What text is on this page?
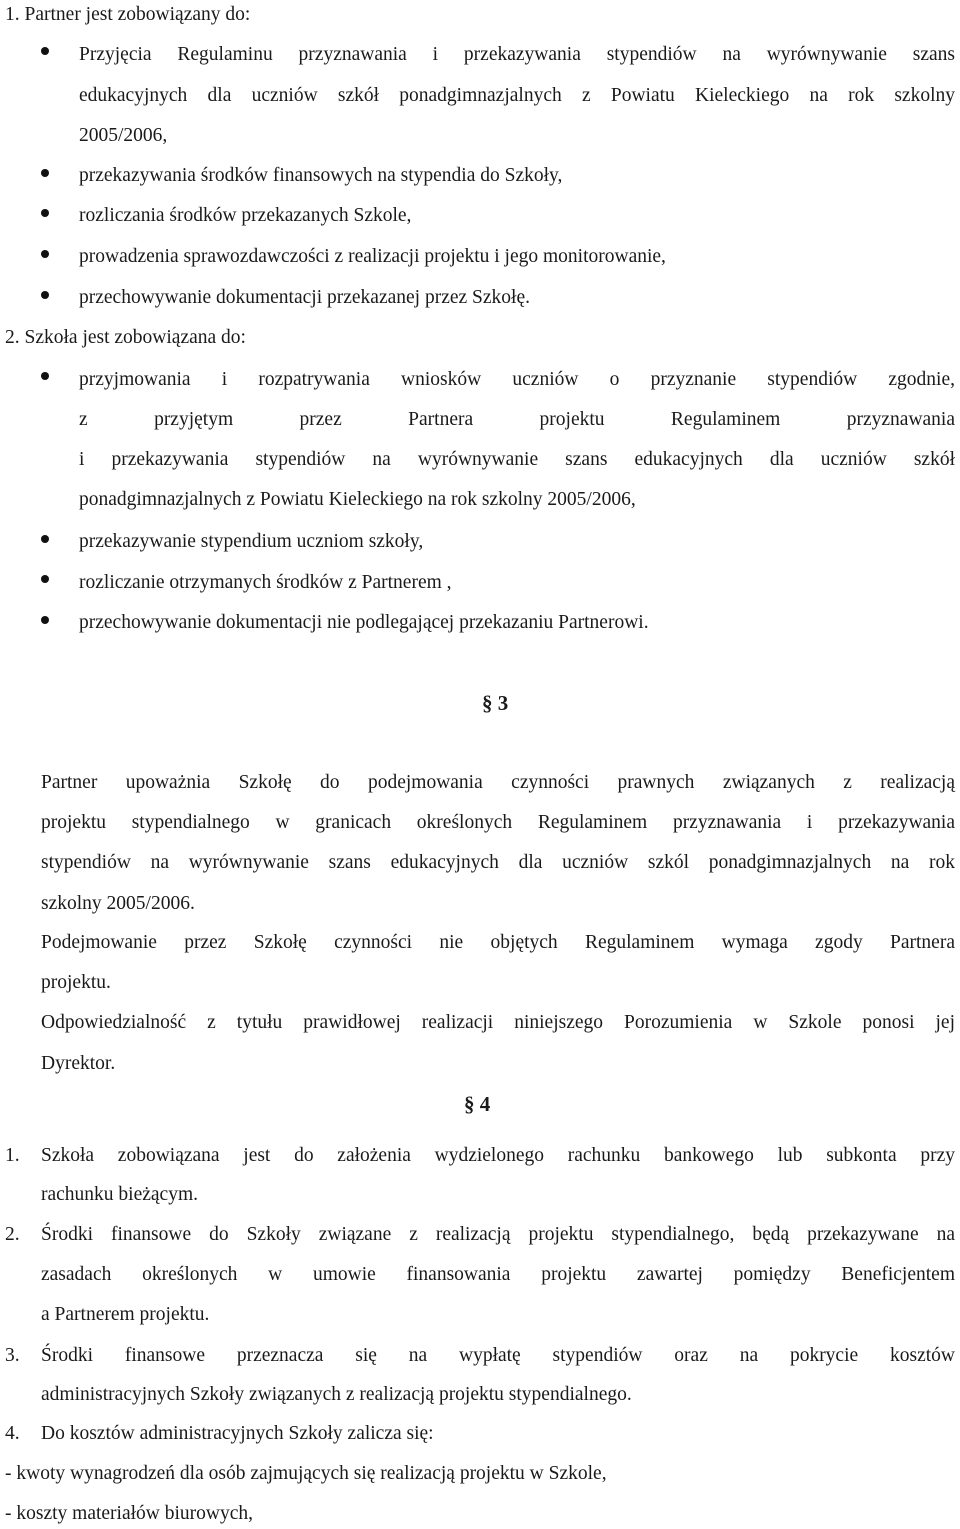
1. Partner jest zobowiązany do:
Przyjęcia Regulaminu przyznawania i przekazywania stypendiów na wyrównywanie szans
edukacyjnych dla uczniów szkół ponadgimnazjalnych z Powiatu Kieleckiego na rok szkolny
2005/2006,
przekazywania środków finansowych na stypendia do Szkoły,
rozliczania środków przekazanych Szkole,
prowadzenia sprawozdawczości z realizacji projektu i jego monitorowanie,
przechowywanie dokumentacji przekazanej przez Szkołę.
2. Szkoła jest zobowiązana do:
przyjmowania i rozpatrywania wniosków uczniów o przyznanie stypendiów zgodnie,
z przyjętym przez Partnera projektu Regulaminem przyznawania
i przekazywania stypendiów na wyrównywanie szans edukacyjnych dla uczniów szkół
ponadgimnazjalnych z Powiatu Kieleckiego na rok szkolny 2005/2006,
przekazywanie stypendium uczniom szkoły,
rozliczanie otrzymanych środków z Partnerem ,
przechowywanie dokumentacji nie podlegającej przekazaniu Partnerowi.
§ 3
Partner upoważnia Szkołę do podejmowania czynności prawnych związanych z realizacją
projektu stypendialnego w granicach określonych Regulaminem przyznawania i przekazywania
stypendiów na wyrównywanie szans edukacyjnych dla uczniów szkól ponadgimnazjalnych na rok
szkolny 2005/2006.
Podejmowanie przez Szkołę czynności nie objętych Regulaminem wymaga zgody Partnera
projektu.
Odpowiedzialność z tytułu prawidłowej realizacji niniejszego Porozumienia w Szkole ponosi jej
Dyrektor.
§ 4
1. Szkoła zobowiązana jest do założenia wydzielonego rachunku bankowego lub subkonta przy
rachunku bieżącym.
2. Środki finansowe do Szkoły związane z realizacją projektu stypendialnego, będą przekazywane na
zasadach określonych w umowie finansowania projektu zawartej pomiędzy Beneficjentem
a Partnerem projektu.
3. Środki finansowe przeznacza się na wypłatę stypendiów oraz na pokrycie kosztów
administracyjnych Szkoły związanych z realizacją projektu stypendialnego.
4. Do kosztów administracyjnych Szkoły zalicza się:
- kwoty wynagrodzeń dla osób zajmujących się realizacją projektu w Szkole,
- koszty materiałów biurowych,
